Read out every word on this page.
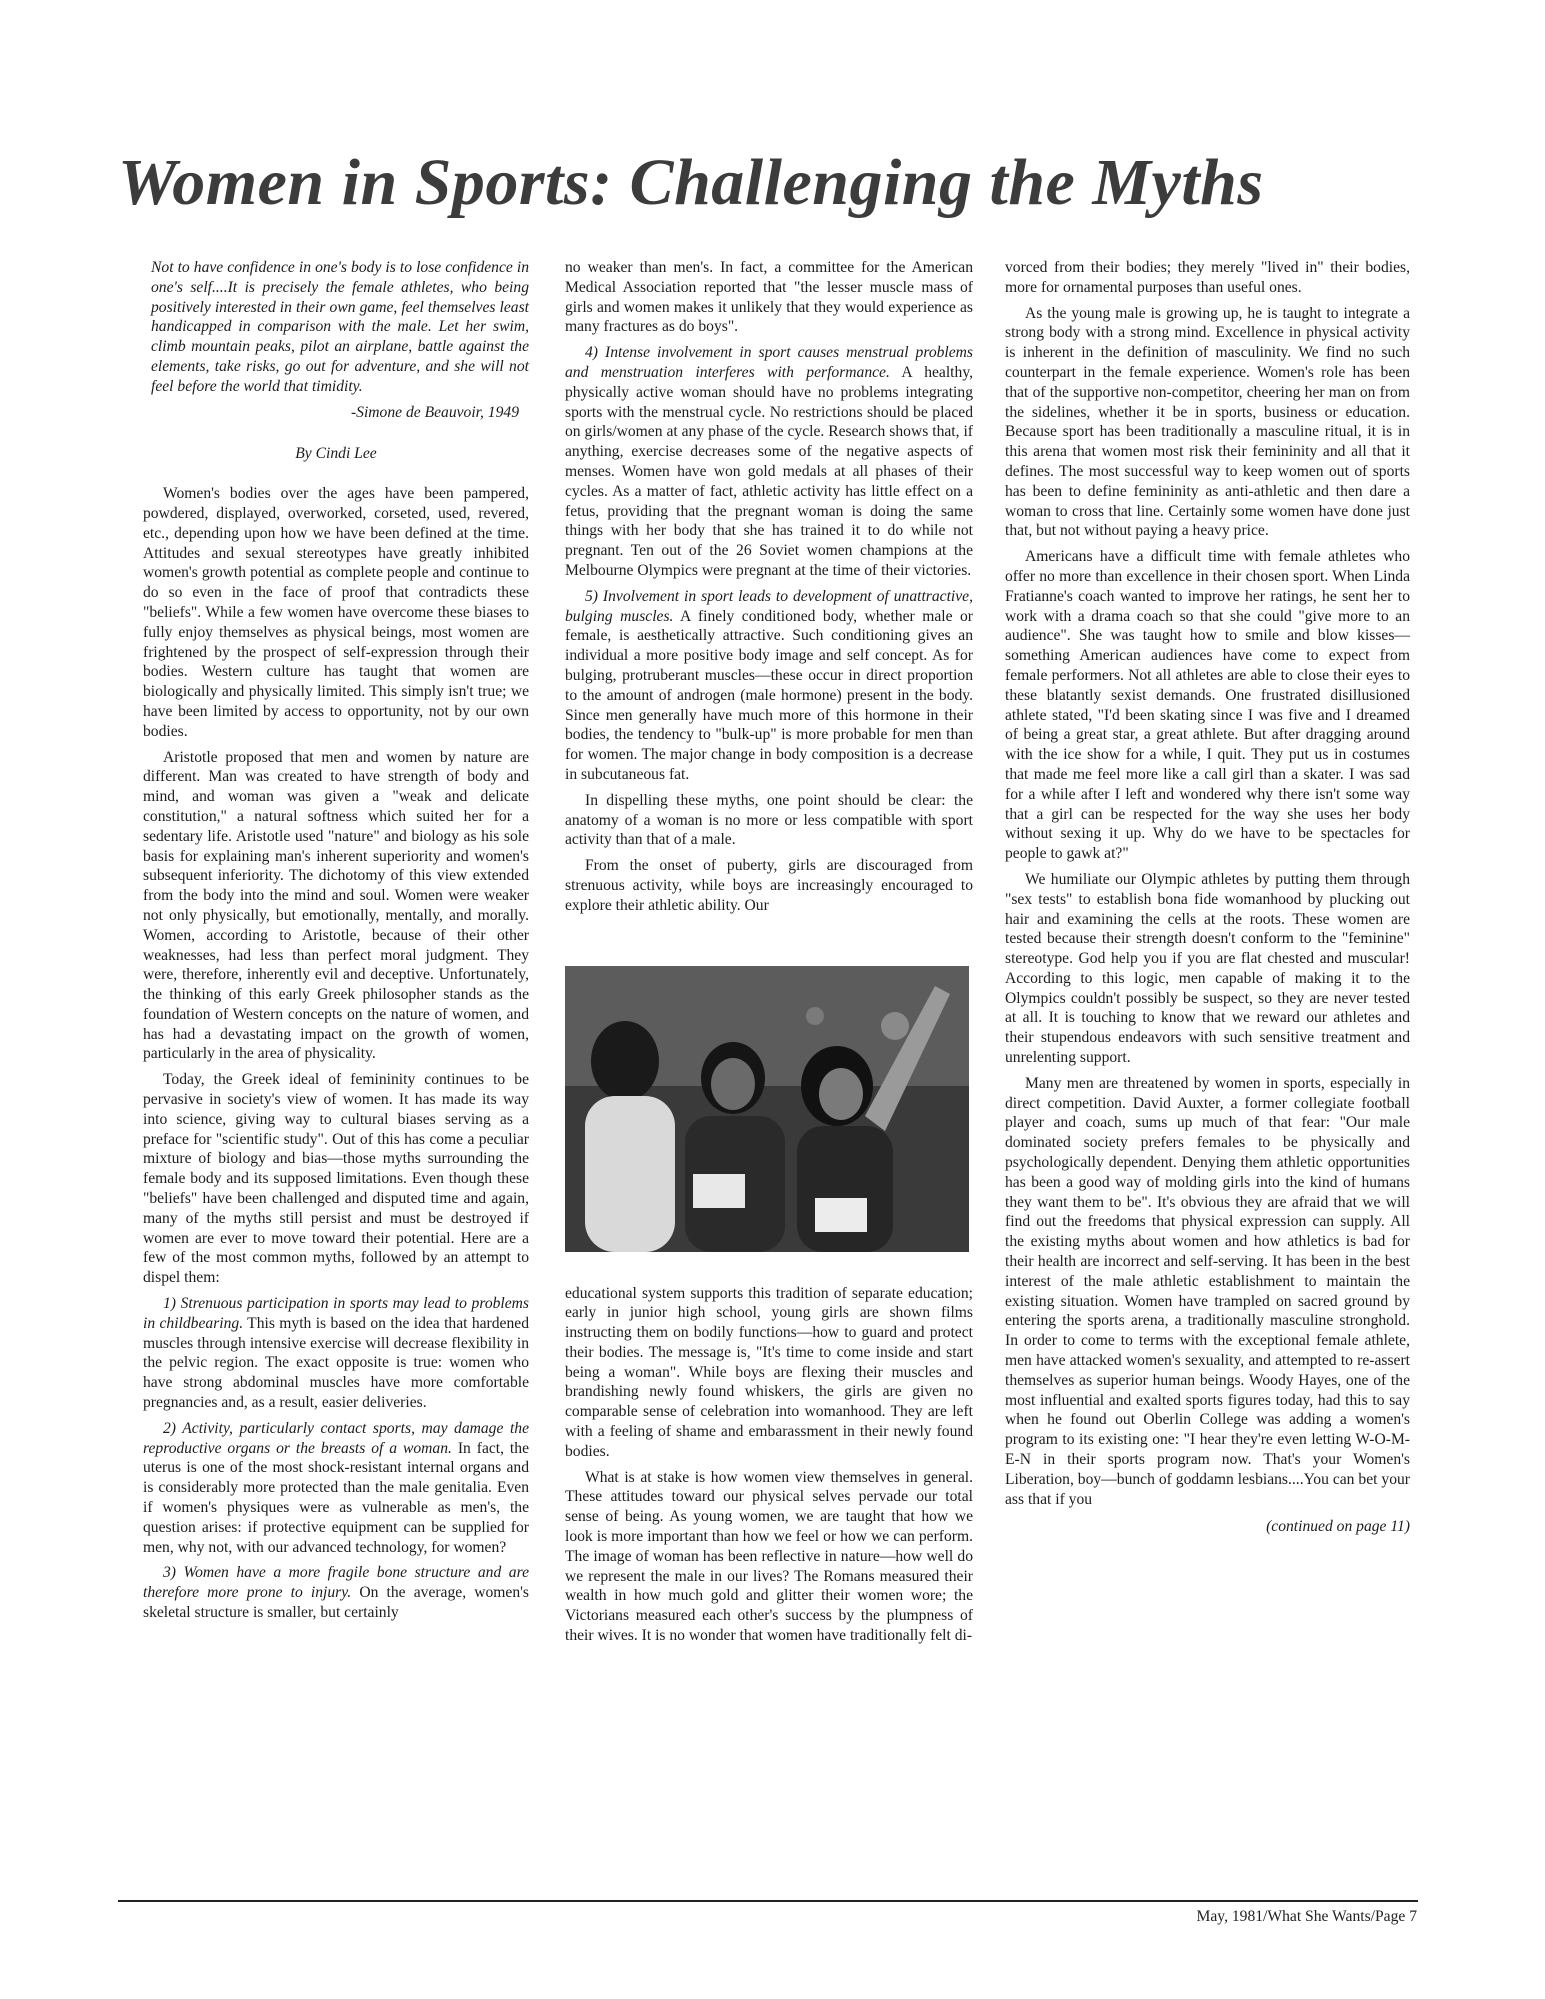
Women in Sports: Challenging the Myths

Not to have confidence in one's body is to lose confidence in one's self....It is precisely the female athletes, who being positively interested in their own game, feel themselves least handicapped in comparison with the male. Let her swim, climb mountain peaks, pilot an airplane, battle against the elements, take risks, go out for adventure, and she will not feel before the world that timidity.

-Simone de Beauvoir, 1949
By Cindi Lee

Women's bodies over the ages have been pampered, powdered, displayed, overworked, corseted, used, revered, etc., depending upon how we have been defined at the time. Attitudes and sexual stereotypes have greatly inhibited women's growth potential as complete people and continue to do so even in the face of proof that contradicts these "beliefs". While a few women have overcome these biases to fully enjoy themselves as physical beings, most women are frightened by the prospect of self-expression through their bodies. Western culture has taught that women are biologically and physically limited. This simply isn't true; we have been limited by access to opportunity, not by our own bodies.

Aristotle proposed that men and women by nature are different. Man was created to have strength of body and mind, and woman was given a "weak and delicate constitution," a natural softness which suited her for a sedentary life. Aristotle used "nature" and biology as his sole basis for explaining man's inherent superiority and women's subsequent inferiority. The dichotomy of this view extended from the body into the mind and soul. Women were weaker not only physically, but emotionally, mentally, and morally. Women, according to Aristotle, because of their other weaknesses, had less than perfect moral judgment. They were, therefore, inherently evil and deceptive. Unfortunately, the thinking of this early Greek philosopher stands as the foundation of Western concepts on the nature of women, and has had a devastating impact on the growth of women, particularly in the area of physicality.

Today, the Greek ideal of femininity continues to be pervasive in society's view of women. It has made its way into science, giving way to cultural biases serving as a preface for "scientific study". Out of this has come a peculiar mixture of biology and bias—those myths surrounding the female body and its supposed limitations. Even though these "beliefs" have been challenged and disputed time and again, many of the myths still persist and must be destroyed if women are ever to move toward their potential. Here are a few of the most common myths, followed by an attempt to dispel them:

1) Strenuous participation in sports may lead to problems in childbearing. This myth is based on the idea that hardened muscles through intensive exercise will decrease flexibility in the pelvic region. The exact opposite is true: women who have strong abdominal muscles have more comfortable pregnancies and, as a result, easier deliveries.

2) Activity, particularly contact sports, may damage the reproductive organs or the breasts of a woman. In fact, the uterus is one of the most shock-resistant internal organs and is considerably more protected than the male genitalia. Even if women's physiques were as vulnerable as men's, the question arises: if protective equipment can be supplied for men, why not, with our advanced technology, for women?

3) Women have a more fragile bone structure and are therefore more prone to injury. On the average, women's skeletal structure is smaller, but certainly

no weaker than men's. In fact, a committee for the American Medical Association reported that "the lesser muscle mass of girls and women makes it unlikely that they would experience as many fractures as do boys".

4) Intense involvement in sport causes menstrual problems and menstruation interferes with performance. A healthy, physically active woman should have no problems integrating sports with the menstrual cycle. No restrictions should be placed on girls/women at any phase of the cycle. Research shows that, if anything, exercise decreases some of the negative aspects of menses. Women have won gold medals at all phases of their cycles. As a matter of fact, athletic activity has little effect on a fetus, providing that the pregnant woman is doing the same things with her body that she has trained it to do while not pregnant. Ten out of the 26 Soviet women champions at the Melbourne Olympics were pregnant at the time of their victories.

5) Involvement in sport leads to development of unattractive, bulging muscles. A finely conditioned body, whether male or female, is aesthetically attractive. Such conditioning gives an individual a more positive body image and self concept. As for bulging, protruberant muscles—these occur in direct proportion to the amount of androgen (male hormone) present in the body. Since men generally have much more of this hormone in their bodies, the tendency to "bulk-up" is more probable for men than for women. The major change in body composition is a decrease in subcutaneous fat.

In dispelling these myths, one point should be clear: the anatomy of a woman is no more or less compatible with sport activity than that of a male.

From the onset of puberty, girls are discouraged from strenuous activity, while boys are increasingly encouraged to explore their athletic ability. Our

educational system supports this tradition of separate education; early in junior high school, young girls are shown films instructing them on bodily functions—how to guard and protect their bodies. The message is, "It's time to come inside and start being a woman". While boys are flexing their muscles and brandishing newly found whiskers, the girls are given no comparable sense of celebration into womanhood. They are left with a feeling of shame and embarassment in their newly found bodies.

What is at stake is how women view themselves in general. These attitudes toward our physical selves pervade our total sense of being. As young women, we are taught that how we look is more important than how we feel or how we can perform. The image of woman has been reflective in nature—how well do we represent the male in our lives? The Romans measured their wealth in how much gold and glitter their women wore; the Victorians measured each other's success by the plumpness of their wives. It is no wonder that women have traditionally felt di-

vorced from their bodies; they merely "lived in" their bodies, more for ornamental purposes than useful ones.

As the young male is growing up, he is taught to integrate a strong body with a strong mind. Excellence in physical activity is inherent in the definition of masculinity. We find no such counterpart in the female experience. Women's role has been that of the supportive non-competitor, cheering her man on from the sidelines, whether it be in sports, business or education. Because sport has been traditionally a masculine ritual, it is in this arena that women most risk their femininity and all that it defines. The most successful way to keep women out of sports has been to define femininity as anti-athletic and then dare a woman to cross that line. Certainly some women have done just that, but not without paying a heavy price.

Americans have a difficult time with female athletes who offer no more than excellence in their chosen sport. When Linda Fratianne's coach wanted to improve her ratings, he sent her to work with a drama coach so that she could "give more to an audience". She was taught how to smile and blow kisses—something American audiences have come to expect from female performers. Not all athletes are able to close their eyes to these blatantly sexist demands. One frustrated disillusioned athlete stated, "I'd been skating since I was five and I dreamed of being a great star, a great athlete. But after dragging around with the ice show for a while, I quit. They put us in costumes that made me feel more like a call girl than a skater. I was sad for a while after I left and wondered why there isn't some way that a girl can be respected for the way she uses her body without sexing it up. Why do we have to be spectacles for people to gawk at?"

We humiliate our Olympic athletes by putting them through "sex tests" to establish bona fide womanhood by plucking out hair and examining the cells at the roots. These women are tested because their strength doesn't conform to the "feminine" stereotype. God help you if you are flat chested and muscular! According to this logic, men capable of making it to the Olympics couldn't possibly be suspect, so they are never tested at all. It is touching to know that we reward our athletes and their stupendous endeavors with such sensitive treatment and unrelenting support.

Many men are threatened by women in sports, especially in direct competition. David Auxter, a former collegiate football player and coach, sums up much of that fear: "Our male dominated society prefers females to be physically and psychologically dependent. Denying them athletic opportunities has been a good way of molding girls into the kind of humans they want them to be". It's obvious they are afraid that we will find out the freedoms that physical expression can supply. All the existing myths about women and how athletics is bad for their health are incorrect and self-serving. It has been in the best interest of the male athletic establishment to maintain the existing situation. Women have trampled on sacred ground by entering the sports arena, a traditionally masculine stronghold. In order to come to terms with the exceptional female athlete, men have attacked women's sexuality, and attempted to re-assert themselves as superior human beings. Woody Hayes, one of the most influential and exalted sports figures today, had this to say when he found out Oberlin College was adding a women's program to its existing one: "I hear they're even letting W-O-M-E-N in their sports program now. That's your Women's Liberation, boy—bunch of goddamn lesbians....You can bet your ass that if you

(continued on page 11)
May, 1981/What She Wants/Page 7
